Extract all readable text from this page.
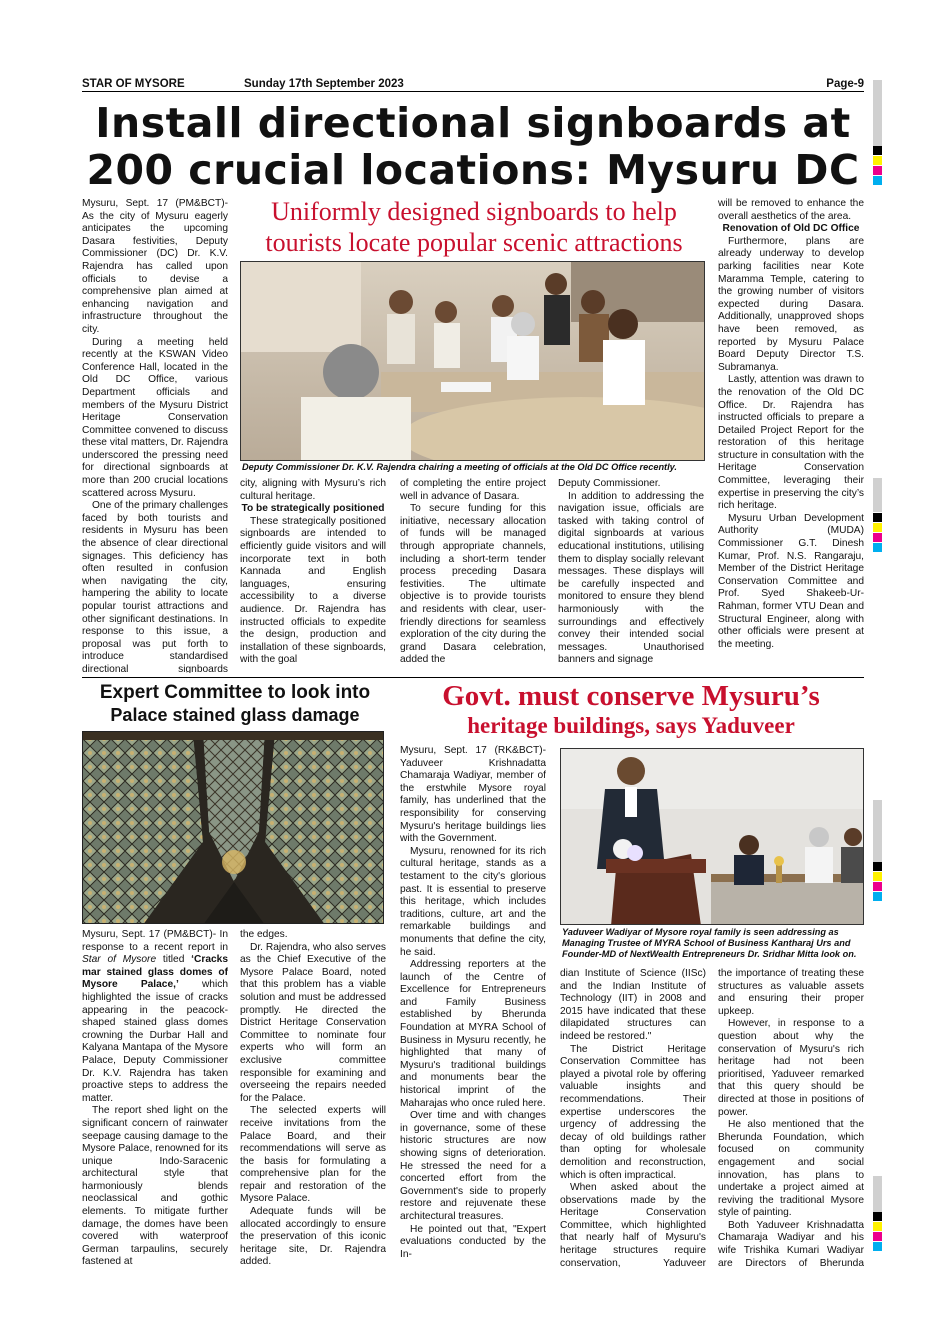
STAR OF MYSORE	Sunday 17th September 2023	Page-9
Install directional signboards at
200 crucial locations: Mysuru DC
Uniformly designed signboards to help
tourists locate popular scenic attractions

Mysuru, Sept. 17 (PM&BCT)- As the city of Mysuru eagerly anticipates the upcoming Dasara festivities, Deputy Commissioner (DC) Dr. K.V. Rajendra has called upon officials to devise a comprehensive plan aimed at enhancing navigation and infrastructure throughout the city.

During a meeting held recently at the KSWAN Video Conference Hall, located in the Old DC Office, various Department officials and members of the Mysuru District Heritage Conservation Committee convened to discuss these vital matters, Dr. Rajendra underscored the pressing need for directional signboards at more than 200 crucial locations scattered across Mysuru.

One of the primary challenges faced by both tourists and residents in Mysuru has been the absence of clear directional signages. This deficiency has often resulted in confusion when navigating the city, hampering the ability to locate popular tourist attractions and other significant destinations. In response to this issue, a proposal was put forth to introduce standardised directional signboards

Deputy Commissioner Dr. K.V. Rajendra chairing a meeting of officials at the Old DC Office recently.

city, aligning with Mysuru’s rich cultural heritage.

To be strategically positioned

These strategically positioned signboards are intended to efficiently guide visitors and will incorporate text in both Kannada and English languages, ensuring accessibility to a diverse audience. Dr. Rajendra has instructed officials to expedite the design, production and installation of these signboards, with the goal

of completing the entire project well in advance of Dasara.

To secure funding for this initiative, necessary allocation of funds will be managed through appropriate channels, including a short-term tender process preceding Dasara festivities. The ultimate objective is to provide tourists and residents with clear, user-friendly directions for seamless exploration of the city during the grand Dasara celebration, added the

Deputy Commissioner.

In addition to addressing the navigation issue, officials are tasked with taking control of digital signboards at various educational institutions, utilising them to display socially relevant messages. These displays will be carefully inspected and monitored to ensure they blend harmoniously with the surroundings and effectively convey their intended social messages. Unauthorised banners and signage

will be removed to enhance the overall aesthetics of the area.

Renovation of Old DC Office

Furthermore, plans are already underway to develop parking facilities near Kote Maramma Temple, catering to the growing number of visitors expected during Dasara. Additionally, unapproved shops have been removed, as reported by Mysuru Palace Board Deputy Director T.S. Subramanya.

Lastly, attention was drawn to the renovation of the Old DC Office. Dr. Rajendra has instructed officials to prepare a Detailed Project Report for the restoration of this heritage structure in consultation with the Heritage Conservation Committee, leveraging their expertise in preserving the city’s rich heritage.

Mysuru Urban Development Authority (MUDA) Commissioner G.T. Dinesh Kumar, Prof. N.S. Rangaraju, Member of the District Heritage Conservation Committee and Prof. Syed Shakeeb-Ur-Rahman, former VTU Dean and Structural Engineer, along with other officials were present at the meeting.

Expert Committee to look into
Palace stained glass damage

Mysuru, Sept. 17 (PM&BCT)- In response to a recent report in Star of Mysore titled ‘Cracks mar stained glass domes of Mysore Palace,’ which highlighted the issue of cracks appearing in the peacock-shaped stained glass domes crowning the Durbar Hall and Kalyana Mantapa of the Mysore Palace, Deputy Commissioner Dr. K.V. Rajendra has taken proactive steps to address the matter.

The report shed light on the significant concern of rainwater seepage causing damage to the Mysore Palace, renowned for its unique Indo-Saracenic architectural style that harmoniously blends neoclassical and gothic elements. To mitigate further damage, the domes have been covered with waterproof German tarpaulins, securely fastened at

the edges.

Dr. Rajendra, who also serves as the Chief Executive of the Mysore Palace Board, noted that this problem has a viable solution and must be addressed promptly. He directed the District Heritage Conservation Committee to nominate four experts who will form an exclusive committee responsible for examining and overseeing the repairs needed for the Palace.

The selected experts will receive invitations from the Palace Board, and their recommendations will serve as the basis for formulating a comprehensive plan for the repair and restoration of the Mysore Palace.

Adequate funds will be allocated accordingly to ensure the preservation of this iconic heritage site, Dr. Rajendra added.

Govt. must conserve Mysuru’s
heritage buildings, says Yaduveer

Mysuru, Sept. 17 (RK&BCT)- Yaduveer Krishnadatta Chamaraja Wadiyar, member of the erstwhile Mysore royal family, has underlined that the responsibility for conserving Mysuru's heritage buildings lies with the Government.

Mysuru, renowned for its rich cultural heritage, stands as a testament to the city's glorious past. It is essential to preserve this heritage, which includes traditions, culture, art and the remarkable buildings and monuments that define the city, he said.

Addressing reporters at the launch of the Centre of Excellence for Entrepreneurs and Family Business established by Bherunda Foundation at MYRA School of Business in Mysuru recently, he highlighted that many of Mysuru's traditional buildings and monuments bear the historical imprint of the Maharajas who once ruled here.

Over time and with changes in governance, some of these historic structures are now showing signs of deterioration. He stressed the need for a concerted effort from the Government's side to properly restore and rejuvenate these architectural treasures.

He pointed out that, "Expert evaluations conducted by the In-

Yaduveer Wadiyar of Mysore royal family is seen addressing as Managing Trustee of MYRA School of Business Kantharaj Urs and Founder-MD of NextWealth Entrepreneurs Dr. Sridhar Mitta look on.

dian Institute of Science (IISc) and the Indian Institute of Technology (IIT) in 2008 and 2015 have indicated that these dilapidated structures can indeed be restored."

The District Heritage Conservation Committee has played a pivotal role by offering valuable insights and recommendations. Their expertise underscores the urgency of addressing the decay of old buildings rather than opting for wholesale demolition and reconstruction, which is often impractical.

When asked about the observations made by the Heritage Conservation Committee, which highlighted that nearly half of Mysuru's heritage structures require conservation, Yaduveer

the importance of treating these structures as valuable assets and ensuring their proper upkeep.

However, in response to a question about why the conservation of Mysuru's rich heritage had not been prioritised, Yaduveer remarked that this query should be directed at those in positions of power.

He also mentioned that the Bherunda Foundation, which focused on community engagement and social innovation, has plans to undertake a project aimed at reviving the traditional Mysore style of painting.

Both Yaduveer Krishnadatta Chamaraja Wadiyar and his wife Trishika Kumari Wadiyar are Directors of Bherunda
